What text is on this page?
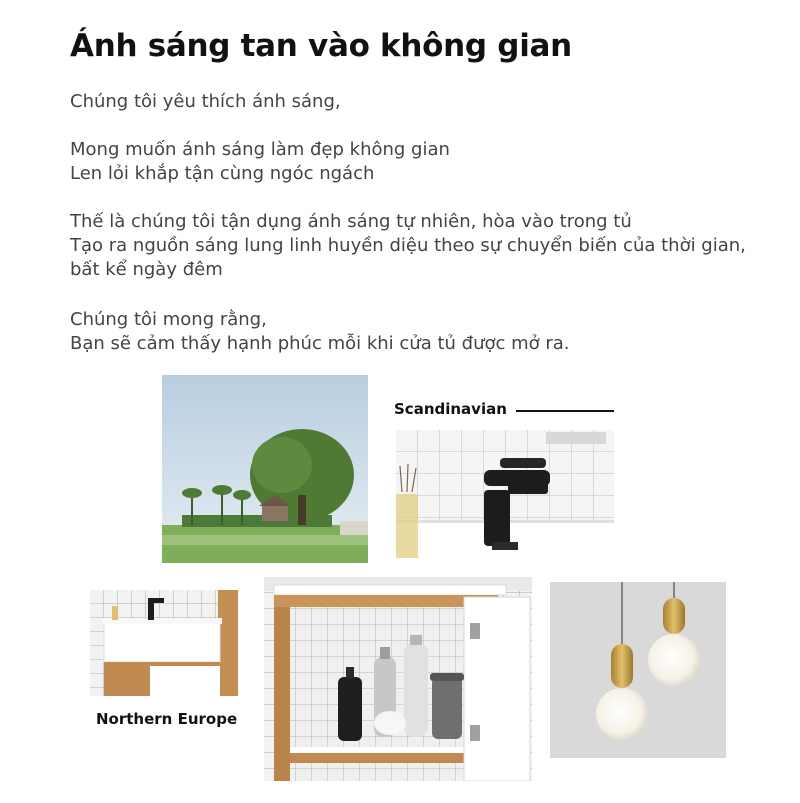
Ánh sáng tan vào không gian
Chúng tôi yêu thích ánh sáng,
Mong muốn ánh sáng làm đẹp không gian
Len lỏi khắp tận cùng ngóc ngách
Thế là chúng tôi tận dụng ánh sáng tự nhiên, hòa vào trong tủ
Tạo ra nguồn sáng lung linh huyền diệu theo sự chuyển biến của thời gian,
bất kể ngày đêm
Chúng tôi mong rằng,
Bạn sẽ cảm thấy hạnh phúc mỗi khi cửa tủ được mở ra.
Scandinavian
Northern Europe
